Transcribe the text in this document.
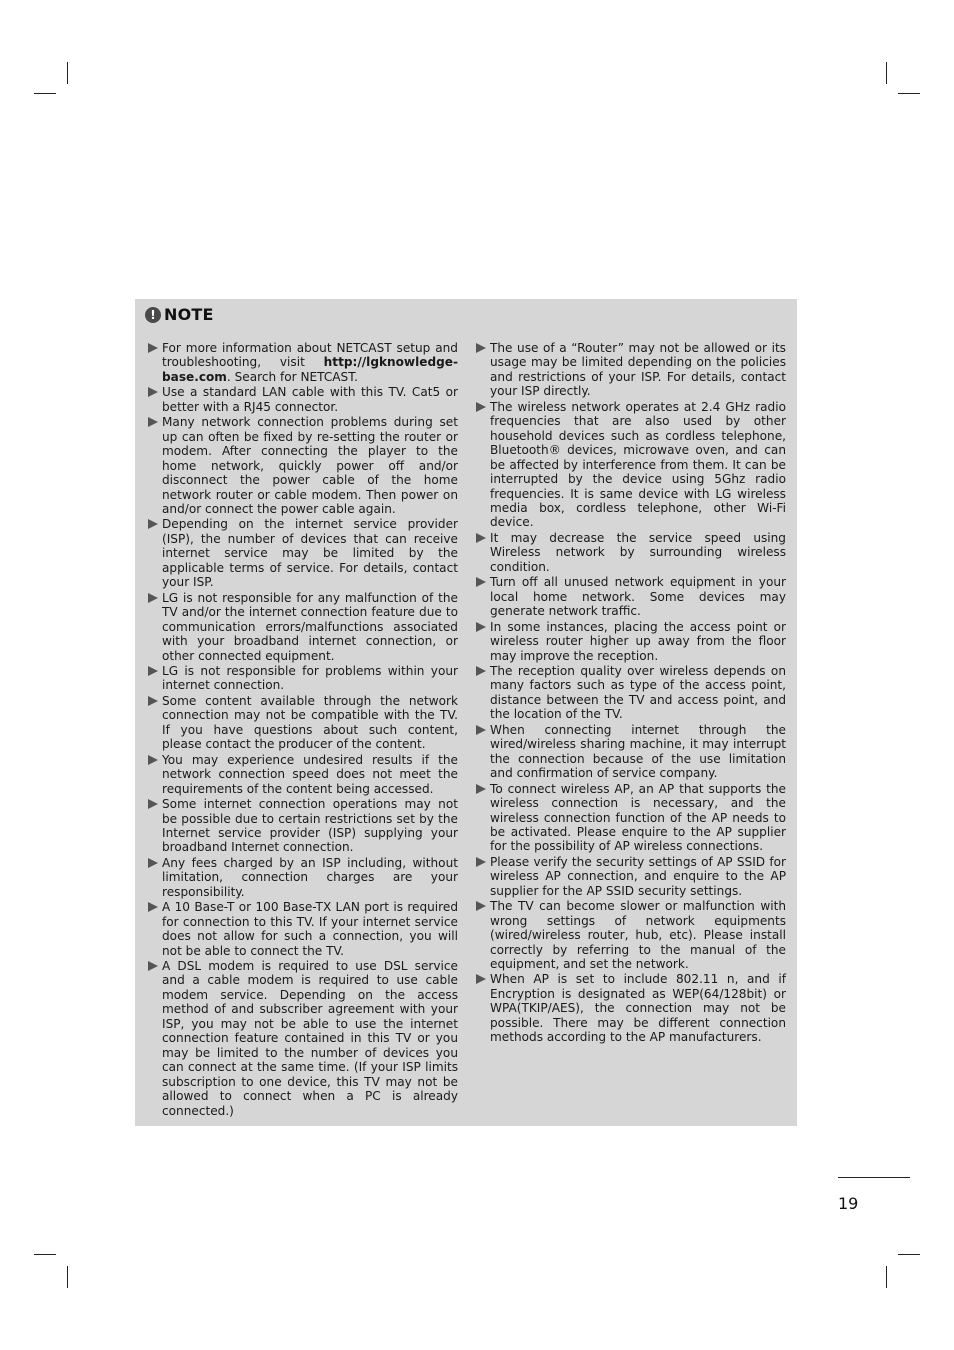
! NOTE
For more information about NETCAST setup and troubleshooting, visit http://lgknowledge-base.com. Search for NETCAST.
Use a standard LAN cable with this TV. Cat5 or better with a RJ45 connector.
Many network connection problems during set up can often be fixed by re-setting the router or modem. After connecting the player to the home network, quickly power off and/or disconnect the power cable of the home network router or cable modem. Then power on and/or connect the power cable again.
Depending on the internet service provider (ISP), the number of devices that can receive internet service may be limited by the applicable terms of service. For details, contact your ISP.
LG is not responsible for any malfunction of the TV and/or the internet connection feature due to communication errors/malfunctions associated with your broadband internet connection, or other connected equipment.
LG is not responsible for problems within your internet connection.
Some content available through the network connection may not be compatible with the TV. If you have questions about such content, please contact the producer of the content.
You may experience undesired results if the network connection speed does not meet the requirements of the content being accessed.
Some internet connection operations may not be possible due to certain restrictions set by the Internet service provider (ISP) supplying your broadband Internet connection.
Any fees charged by an ISP including, without limitation, connection charges are your responsibility.
A 10 Base-T or 100 Base-TX LAN port is required for connection to this TV. If your internet service does not allow for such a connection, you will not be able to connect the TV.
A DSL modem is required to use DSL service and a cable modem is required to use cable modem service. Depending on the access method of and subscriber agreement with your ISP, you may not be able to use the internet connection feature contained in this TV or you may be limited to the number of devices you can connect at the same time. (If your ISP limits subscription to one device, this TV may not be allowed to connect when a PC is already connected.)
The use of a “Router” may not be allowed or its usage may be limited depending on the policies and restrictions of your ISP. For details, contact your ISP directly.
The wireless network operates at 2.4 GHz radio frequencies that are also used by other household devices such as cordless telephone, Bluetooth® devices, microwave oven, and can be affected by interference from them. It can be interrupted by the device using 5Ghz radio frequencies. It is same device with LG wireless media box, cordless telephone, other Wi-Fi device.
It may decrease the service speed using Wireless network by surrounding wireless condition.
Turn off all unused network equipment in your local home network. Some devices may generate network traffic.
In some instances, placing the access point or wireless router higher up away from the floor may improve the reception.
The reception quality over wireless depends on many factors such as type of the access point, distance between the TV and access point, and the location of the TV.
When connecting internet through the wired/wireless sharing machine, it may interrupt the connection because of the use limitation and confirmation of service company.
To connect wireless AP, an AP that supports the wireless connection is necessary, and the wireless connection function of the AP needs to be activated. Please enquire to the AP supplier for the possibility of AP wireless connections.
Please verify the security settings of AP SSID for wireless AP connection, and enquire to the AP supplier for the AP SSID security settings.
The TV can become slower or malfunction with wrong settings of network equipments (wired/wireless router, hub, etc). Please install correctly by referring to the manual of the equipment, and set the network.
When AP is set to include 802.11 n, and if Encryption is designated as WEP(64/128bit) or WPA(TKIP/AES), the connection may not be possible. There may be different connection methods according to the AP manufacturers.
19
